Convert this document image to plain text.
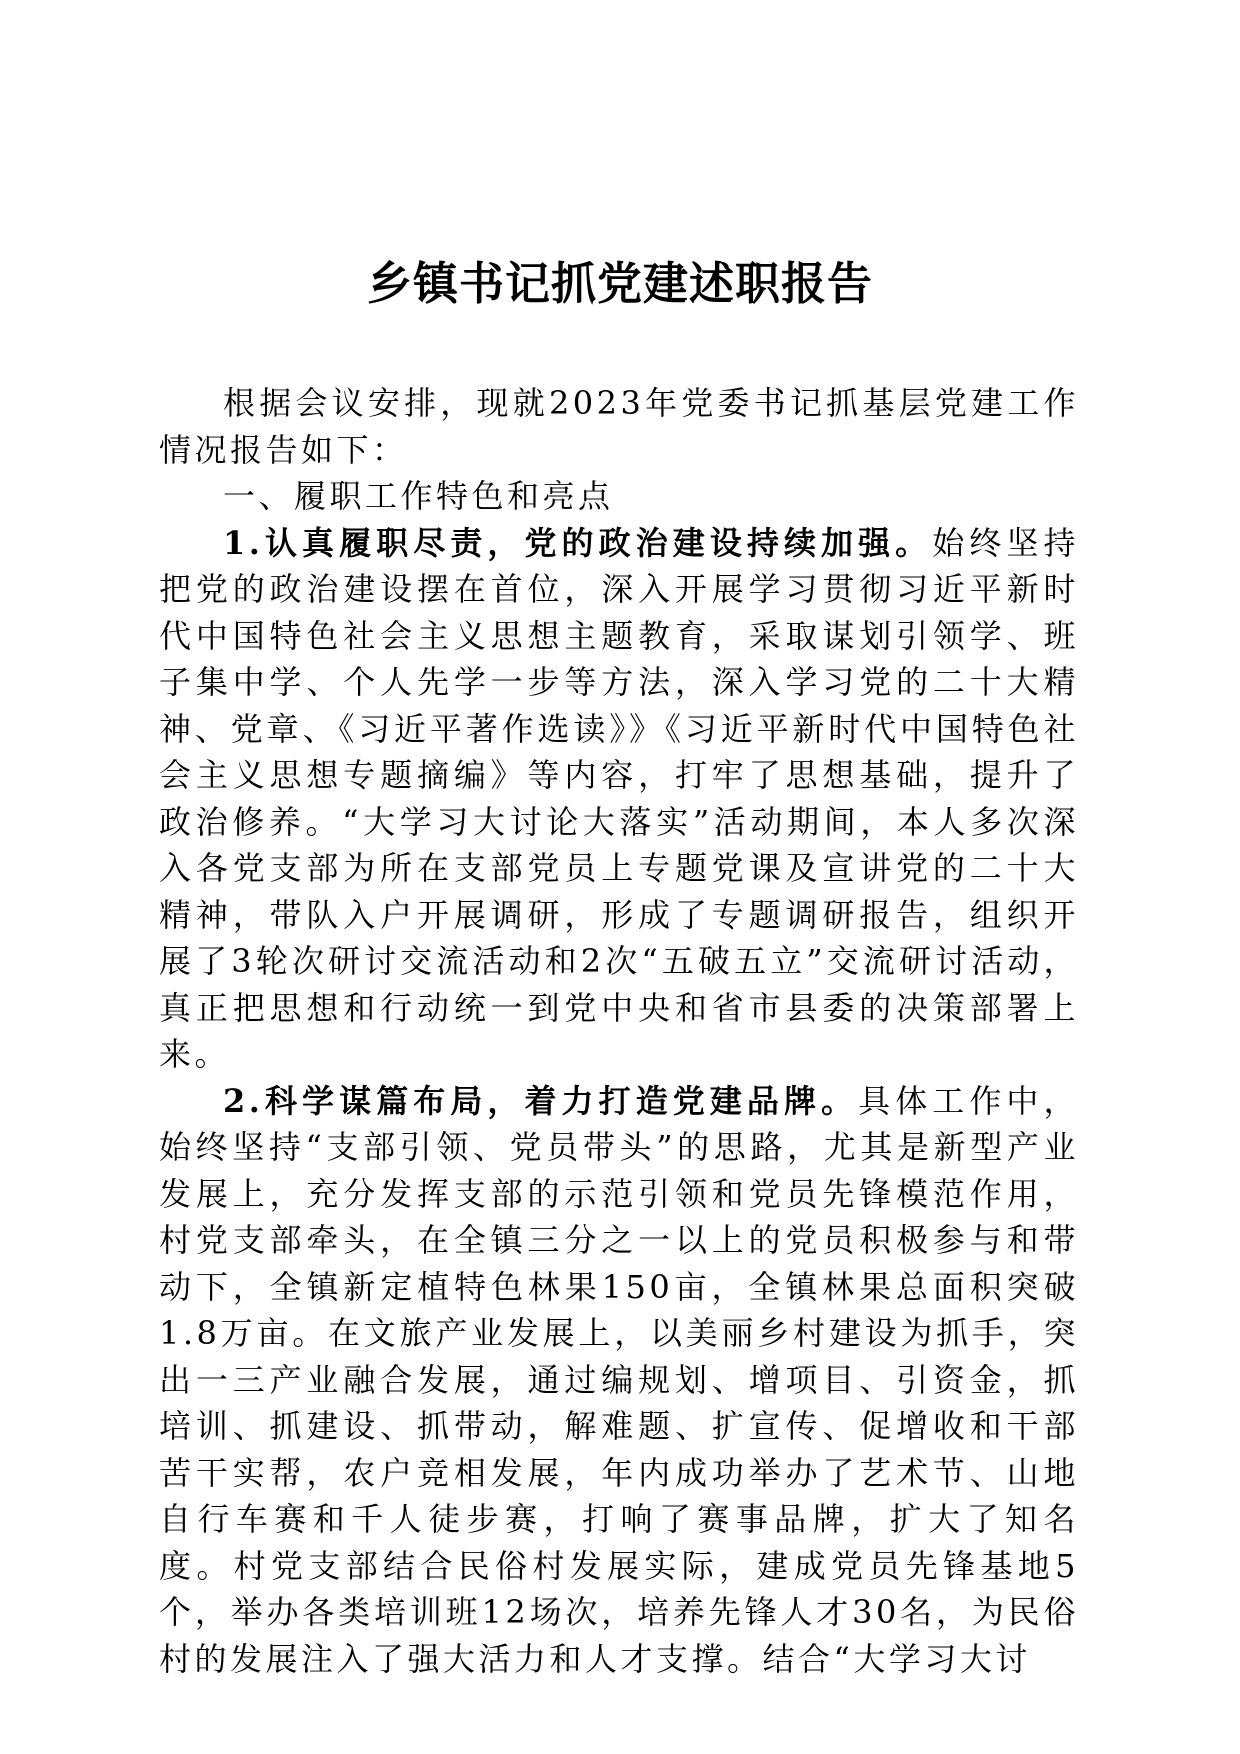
乡镇书记抓党建述职报告

根据会议安排，现就2023年党委书记抓基层党建工作情况报告如下：

一、履职工作特色和亮点

1.认真履职尽责，党的政治建设持续加强。始终坚持把党的政治建设摆在首位，深入开展学习贯彻习近平新时代中国特色社会主义思想主题教育，采取谋划引领学、班子集中学、个人先学一步等方法，深入学习党的二十大精神、党章、《习近平著作选读》》《习近平新时代中国特色社会主义思想专题摘编》等内容，打牢了思想基础，提升了政治修养。“大学习大讨论大落实”活动期间，本人多次深入各党支部为所在支部党员上专题党课及宣讲党的二十大精神，带队入户开展调研，形成了专题调研报告，组织开展了3轮次研讨交流活动和2次“五破五立”交流研讨活动，真正把思想和行动统一到党中央和省市县委的决策部署上来。

2.科学谋篇布局，着力打造党建品牌。具体工作中，始终坚持“支部引领、党员带头”的思路，尤其是新型产业发展上，充分发挥支部的示范引领和党员先锋模范作用，村党支部牵头，在全镇三分之一以上的党员积极参与和带动下，全镇新定植特色林果150亩，全镇林果总面积突破1.8万亩。在文旅产业发展上，以美丽乡村建设为抓手，突出一三产业融合发展，通过编规划、增项目、引资金，抓培训、抓建设、抓带动，解难题、扩宣传、促增收和干部苦干实帮，农户竞相发展，年内成功举办了艺术节、山地自行车赛和千人徒步赛，打响了赛事品牌，扩大了知名度。村党支部结合民俗村发展实际，建成党员先锋基地5个，举办各类培训班12场次，培养先锋人才30名，为民俗村的发展注入了强大活力和人才支撑。结合“大学习大讨
